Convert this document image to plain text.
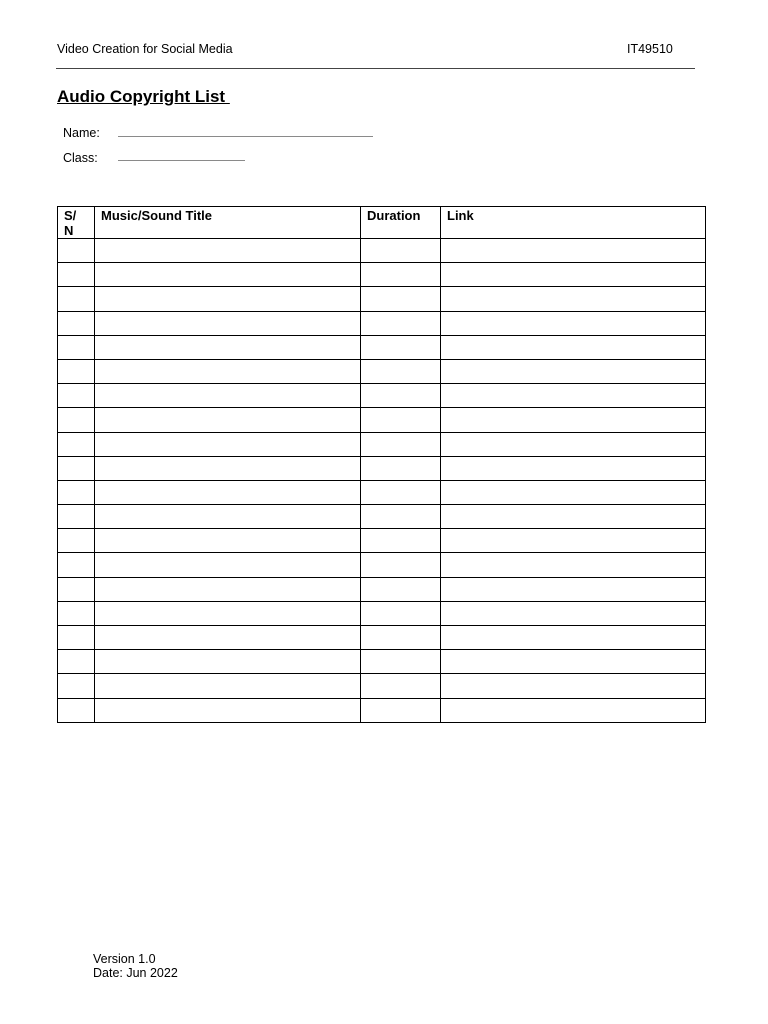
Video Creation for Social Media	IT49510
Audio Copyright List
Name:
Class:
S/ N	Music/Sound Title	Duration	Link

Version 1.0
Date: Jun 2022
